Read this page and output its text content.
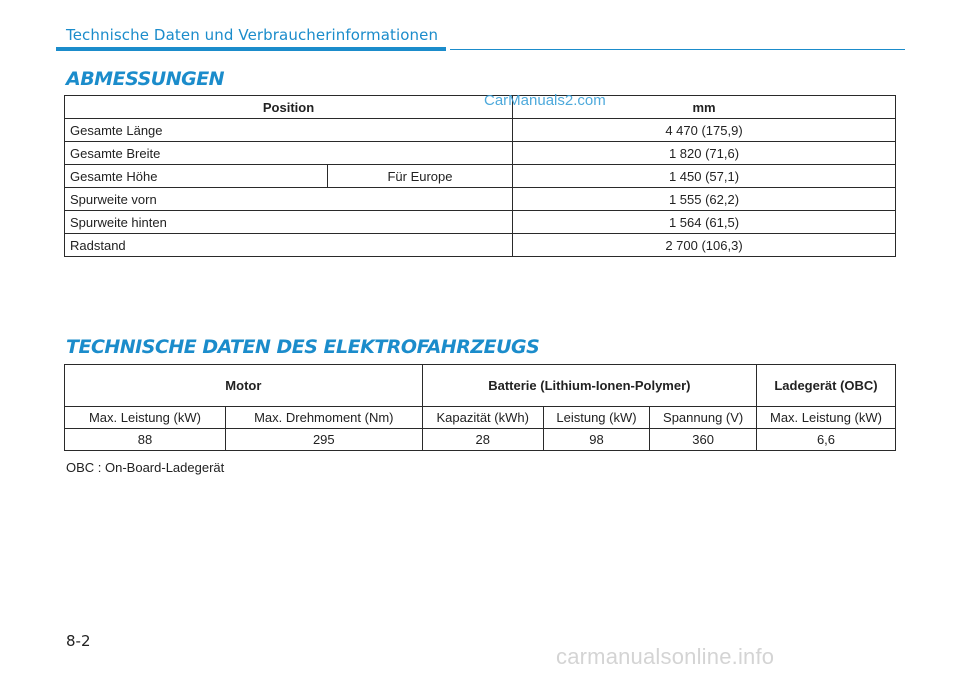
Technische Daten und Verbraucherinformationen
ABMESSUNGEN
Position		mm
Gesamte Länge		4 470 (175,9)
Gesamte Breite		1 820 (71,6)
Gesamte Höhe	Für Europe	1 450 (57,1)
Spurweite vorn		1 555 (62,2)
Spurweite hinten		1 564 (61,5)
Radstand		2 700 (106,3)
CarManuals2.com
TECHNISCHE DATEN DES ELEKTROFAHRZEUGS
Motor		Batterie (Lithium-Ionen-Polymer)			Ladegerät (OBC)
Max. Leistung (kW)	Max. Drehmoment (Nm)	Kapazität (kWh)	Leistung (kW)	Spannung (V)	Max. Leistung (kW)
88	295	28	98	360	6,6
OBC : On-Board-Ladegerät
8-2
carmanualsonline.info
